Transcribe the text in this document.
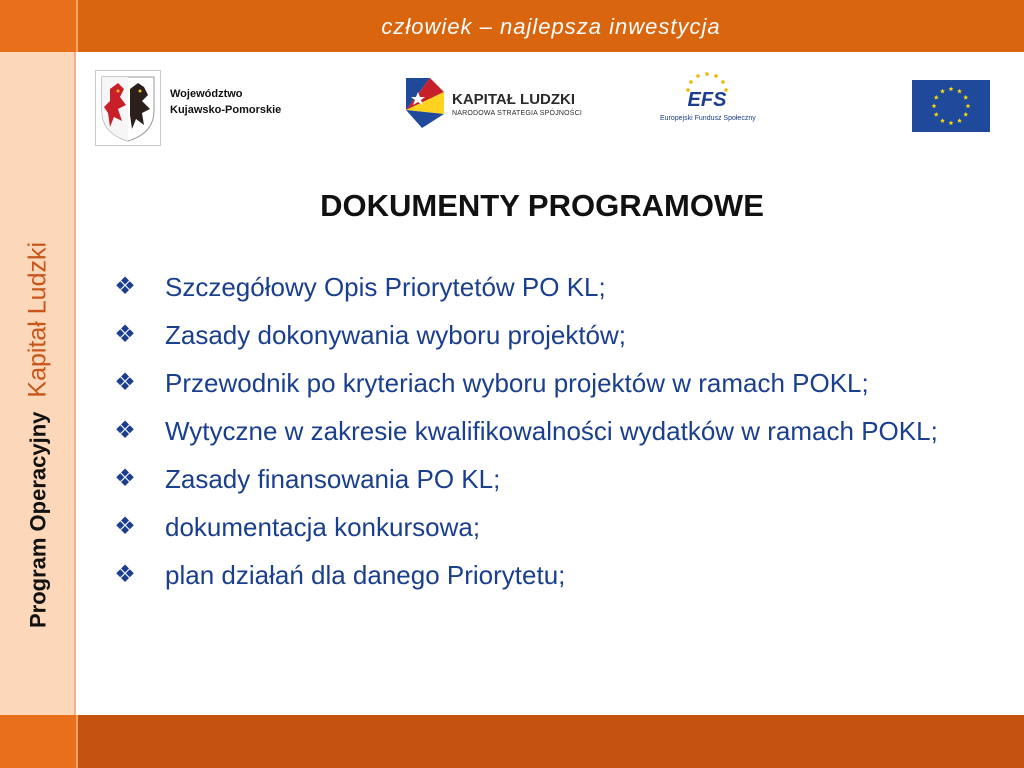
człowiek – najlepsza inwestycja
Program OperacyjnyKapitał Ludzki
Województwo
Kujawsko-Pomorskie
KAPITAŁ LUDZKI
NARODOWA STRATEGIA SPÓJNOŚCI
EFS
Europejski Fundusz Społeczny
DOKUMENTY PROGRAMOWE
❖	Szczegółowy Opis Priorytetów PO KL;
❖	Zasady dokonywania wyboru projektów;
❖	Przewodnik po kryteriach wyboru projektów w ramach POKL;
❖	Wytyczne w zakresie kwalifikowalności wydatków w ramach POKL;
❖	Zasady finansowania PO KL;
❖	dokumentacja konkursowa;
❖	plan działań dla danego Priorytetu;
